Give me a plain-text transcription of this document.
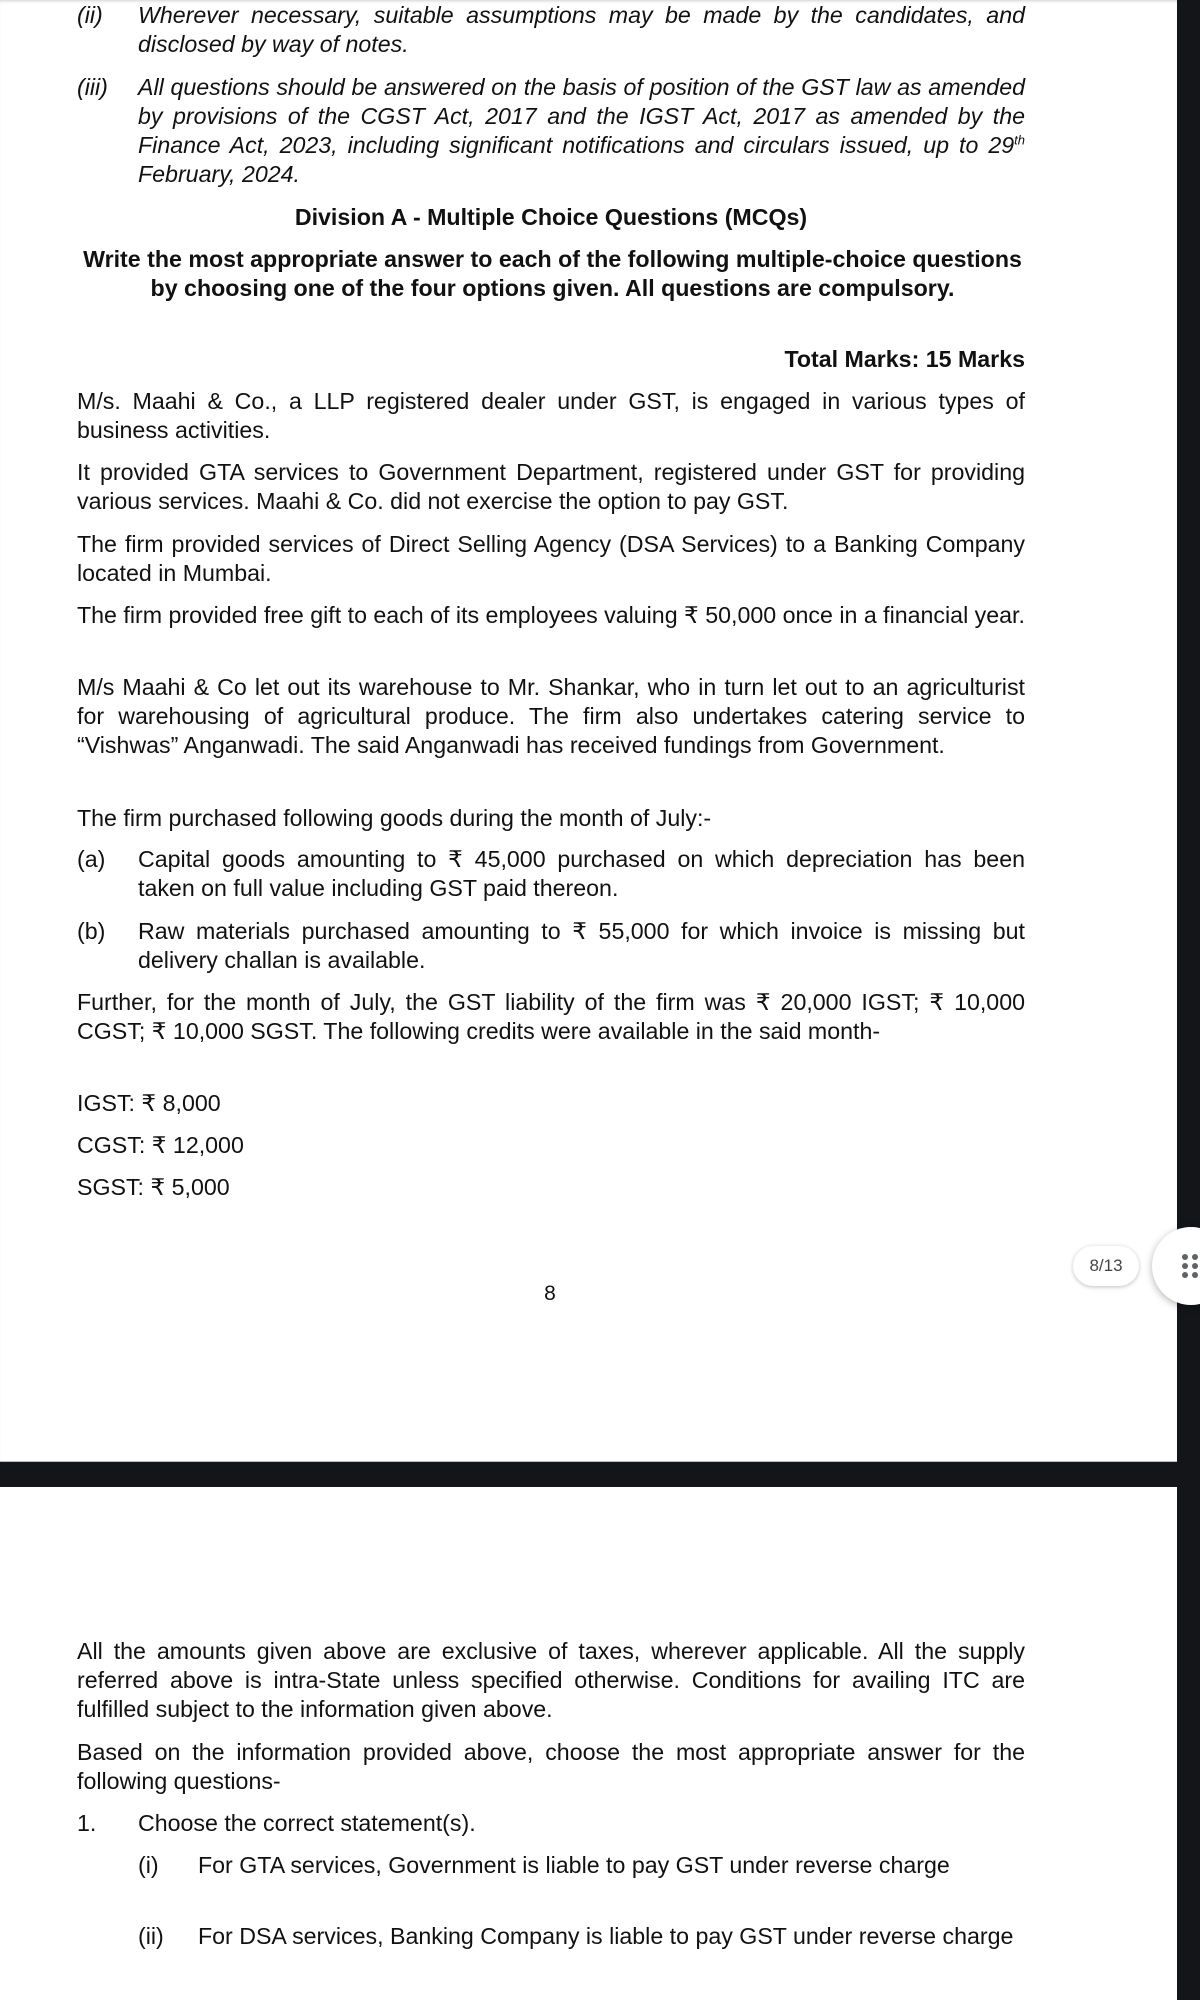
(ii) Wherever necessary, suitable assumptions may be made by the candidates, and disclosed by way of notes.
(iii) All questions should be answered on the basis of position of the GST law as amended by provisions of the CGST Act, 2017 and the IGST Act, 2017 as amended by the Finance Act, 2023, including significant notifications and circulars issued, up to 29th February, 2024.
Division A - Multiple Choice Questions (MCQs)
Write the most appropriate answer to each of the following multiple-choice questions by choosing one of the four options given. All questions are compulsory.
Total Marks: 15 Marks
M/s. Maahi & Co., a LLP registered dealer under GST, is engaged in various types of business activities.
It provided GTA services to Government Department, registered under GST for providing various services. Maahi & Co. did not exercise the option to pay GST.
The firm provided services of Direct Selling Agency (DSA Services) to a Banking Company located in Mumbai.
The firm provided free gift to each of its employees valuing ₹ 50,000 once in a financial year.
M/s Maahi & Co let out its warehouse to Mr. Shankar, who in turn let out to an agriculturist for warehousing of agricultural produce. The firm also undertakes catering service to “Vishwas” Anganwadi. The said Anganwadi has received fundings from Government.
The firm purchased following goods during the month of July:-
(a) Capital goods amounting to ₹ 45,000 purchased on which depreciation has been taken on full value including GST paid thereon.
(b) Raw materials purchased amounting to ₹ 55,000 for which invoice is missing but delivery challan is available.
Further, for the month of July, the GST liability of the firm was ₹ 20,000 IGST; ₹ 10,000 CGST; ₹ 10,000 SGST. The following credits were available in the said month-
IGST: ₹ 8,000
CGST: ₹ 12,000
SGST: ₹ 5,000
8
All the amounts given above are exclusive of taxes, wherever applicable. All the supply referred above is intra-State unless specified otherwise. Conditions for availing ITC are fulfilled subject to the information given above.
Based on the information provided above, choose the most appropriate answer for the following questions-
1. Choose the correct statement(s).
(i) For GTA services, Government is liable to pay GST under reverse charge
(ii) For DSA services, Banking Company is liable to pay GST under reverse charge
8/13
